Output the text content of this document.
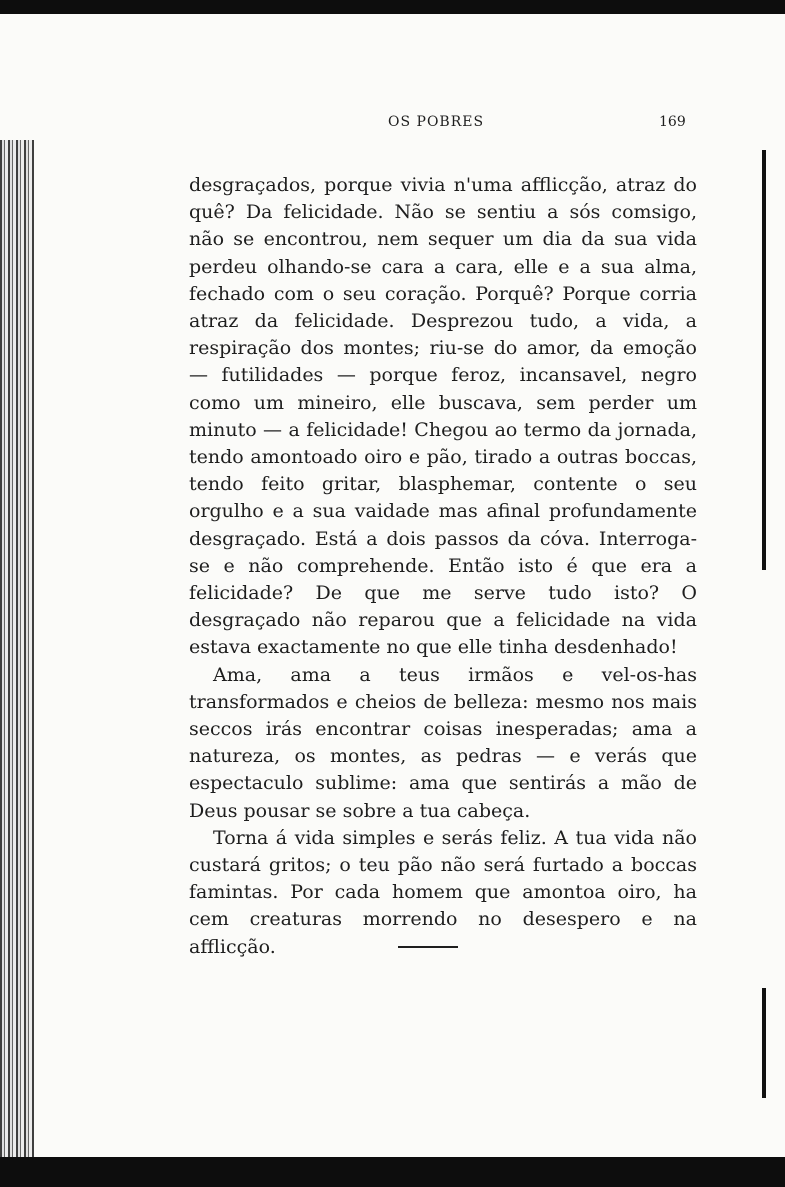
OS POBRES	169

desgraçados, porque vivia n'uma afflicção, atraz do quê? Da felicidade. Não se sentiu a sós comsigo, não se encontrou, nem sequer um dia da sua vida perdeu olhando-se cara a cara, elle e a sua alma, fechado com o seu coração. Porquê? Porque corria atraz da felicidade. Desprezou tudo, a vida, a respiração dos montes; riu-se do amor, da emoção — futilidades — porque feroz, incansavel, negro como um mineiro, elle buscava, sem perder um minuto — a felicidade! Chegou ao termo da jornada, tendo amontoado oiro e pão, tirado a outras boccas, tendo feito gritar, blasphemar, contente o seu orgulho e a sua vaidade mas afinal profundamente desgraçado. Está a dois passos da cóva. Interroga-se e não comprehende. Então isto é que era a felicidade? De que me serve tudo isto? O desgraçado não reparou que a felicidade na vida estava exactamente no que elle tinha desdenhado!

Ama, ama a teus irmãos e vel-os-has transformados e cheios de belleza: mesmo nos mais seccos irás encontrar coisas inesperadas; ama a natureza, os montes, as pedras — e verás que espectaculo sublime: ama que sentirás a mão de Deus pousar se sobre a tua cabeça.

Torna á vida simples e serás feliz. A tua vida não custará gritos; o teu pão não será furtado a boccas famintas. Por cada homem que amontoa oiro, ha cem creaturas morrendo no desespero e na afflicção.
